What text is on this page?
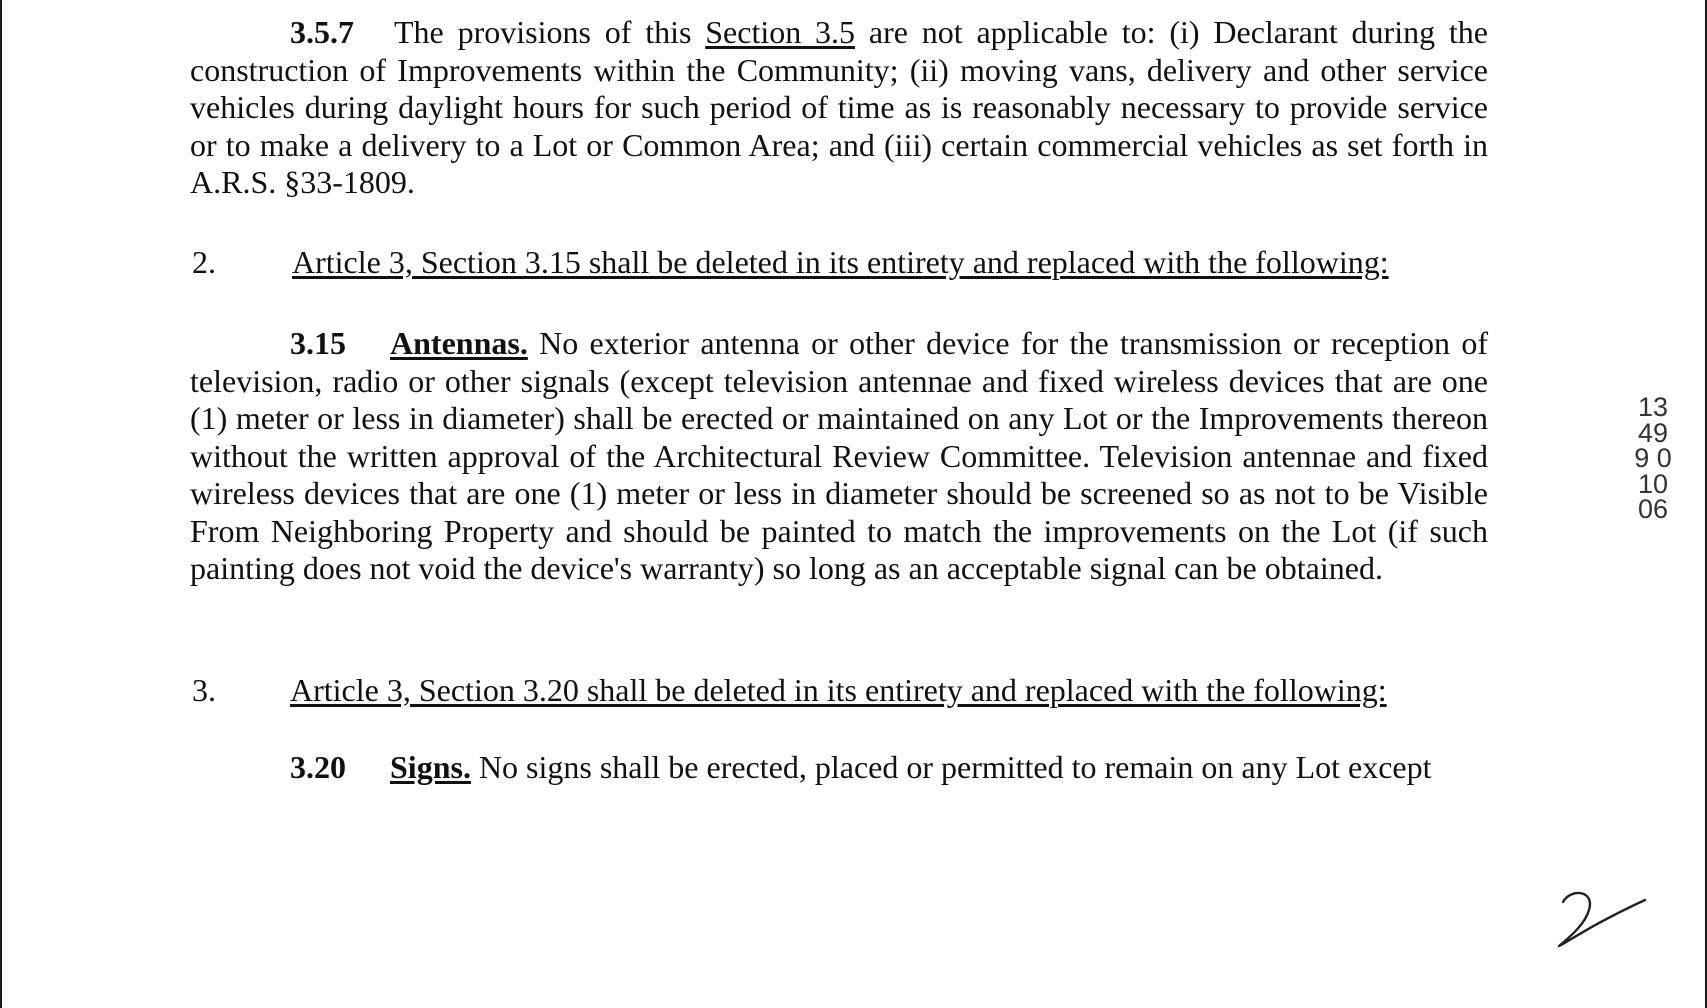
3.5.7 The provisions of this Section 3.5 are not applicable to: (i) Declarant during the construction of Improvements within the Community; (ii) moving vans, delivery and other service vehicles during daylight hours for such period of time as is reasonably necessary to provide service or to make a delivery to a Lot or Common Area; and (iii) certain commercial vehicles as set forth in A.R.S. §33-1809.

2. Article 3, Section 3.15 shall be deleted in its entirety and replaced with the following:

3.15 Antennas. No exterior antenna or other device for the transmission or reception of television, radio or other signals (except television antennae and fixed wireless devices that are one (1) meter or less in diameter) shall be erected or maintained on any Lot or the Improvements thereon without the written approval of the Architectural Review Committee. Television antennae and fixed wireless devices that are one (1) meter or less in diameter should be screened so as not to be Visible From Neighboring Property and should be painted to match the improvements on the Lot (if such painting does not void the device's warranty) so long as an acceptable signal can be obtained.

3. Article 3, Section 3.20 shall be deleted in its entirety and replaced with the following:

3.20 Signs. No signs shall be erected, placed or permitted to remain on any Lot except

13499 01006
